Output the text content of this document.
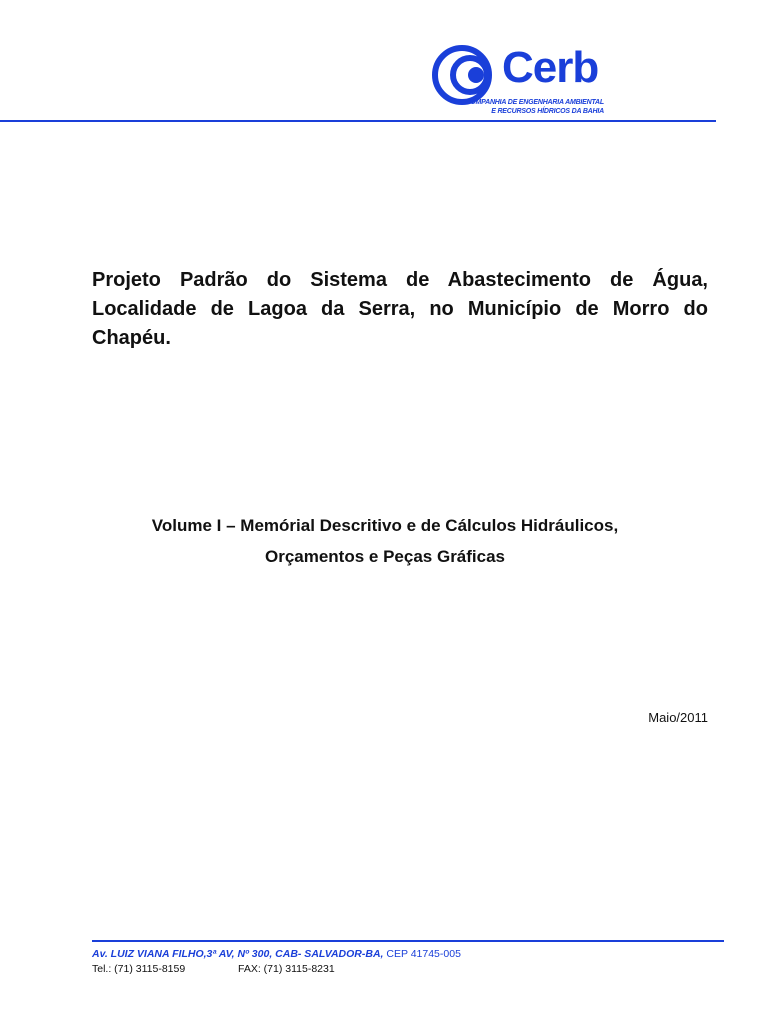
Cerb
COMPANHIA DE ENGENHARIA AMBIENTAL
E RECURSOS HÍDRICOS DA BAHIA
Projeto Padrão do Sistema de Abastecimento de Água, Localidade de Lagoa da Serra, no Município de Morro do Chapéu.
Volume I – Memórial Descritivo e de Cálculos Hidráulicos,
Orçamentos e Peças Gráficas
Maio/2011
Av. LUIZ VIANA FILHO,3ª AV, Nº 300, CAB- SALVADOR-BA, CEP 41745-005
Tel.: (71) 3115-8159	FAX: (71) 3115-8231
